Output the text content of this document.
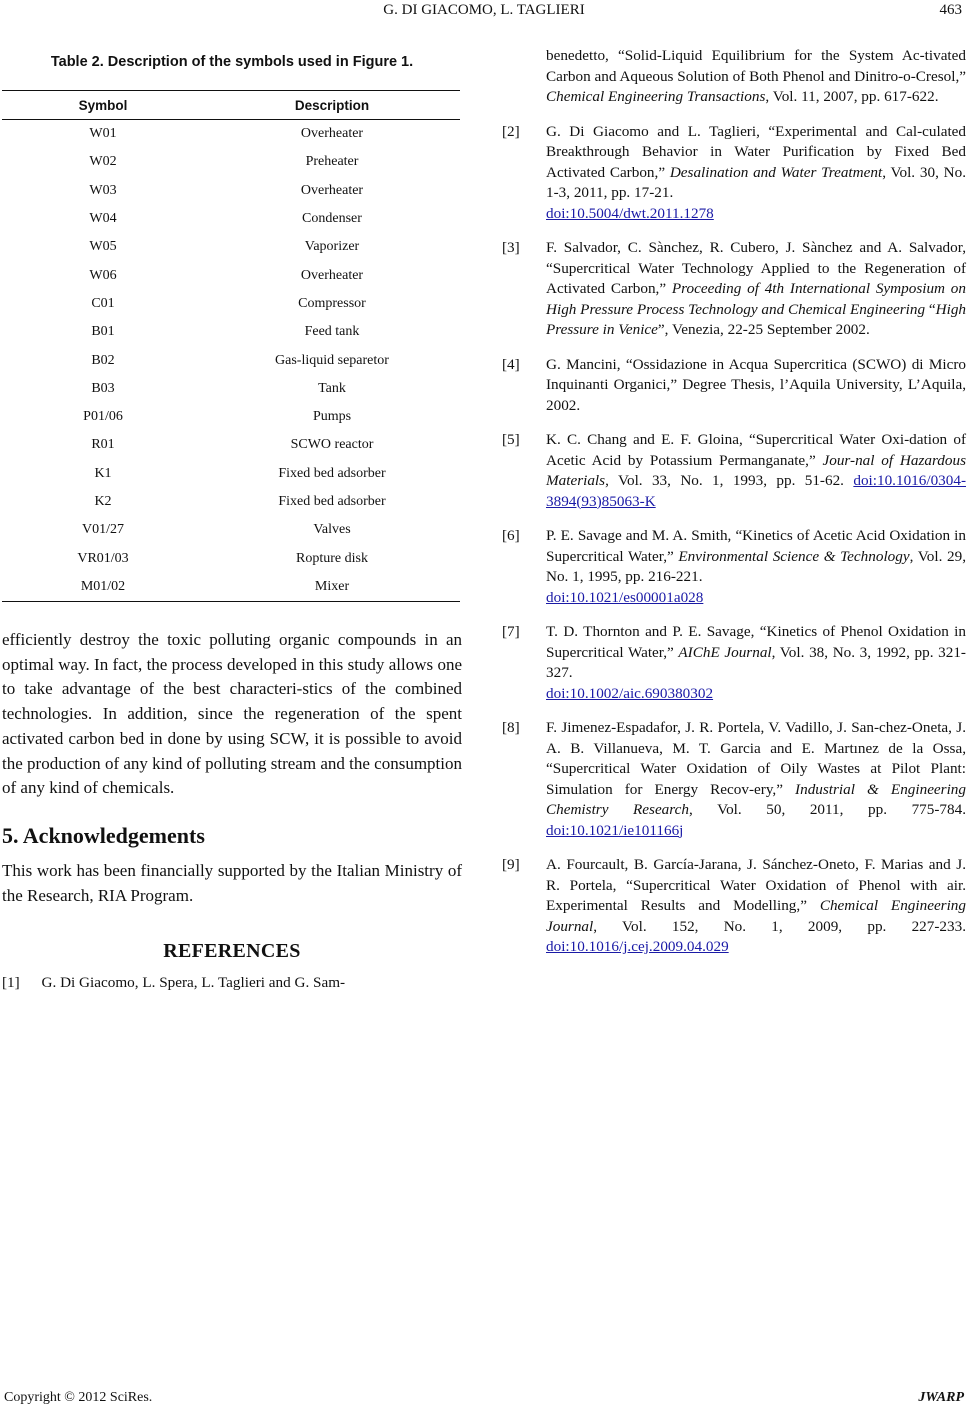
G. DI GIACOMO, L. TAGLIERI	463

Table 2. Description of the symbols used in Figure 1.

Symbol	Description
W01	Overheater
W02	Preheater
W03	Overheater
W04	Condenser
W05	Vaporizer
W06	Overheater
C01	Compressor
B01	Feed tank
B02	Gas-liquid separetor
B03	Tank
P01/06	Pumps
R01	SCWO reactor
K1	Fixed bed adsorber
K2	Fixed bed adsorber
V01/27	Valves
VR01/03	Ropture disk
M01/02	Mixer

efficiently destroy the toxic polluting organic compounds in an optimal way. In fact, the process developed in this study allows one to take advantage of the best characteri-stics of the combined technologies. In addition, since the regeneration of the spent activated carbon bed in done by using SCW, it is possible to avoid the production of any kind of polluting stream and the consumption of any kind of chemicals.

5. Acknowledgements

This work has been financially supported by the Italian Ministry of the Research, RIA Program.

REFERENCES
[1] G. Di Giacomo, L. Spera, L. Taglieri and G. Sam-
benedetto, “Solid-Liquid Equilibrium for the System Ac-tivated Carbon and Aqueous Solution of Both Phenol and Dinitro-o-Cresol,” Chemical Engineering Transactions, Vol. 11, 2007, pp. 617-622.
[2] G. Di Giacomo and L. Taglieri, “Experimental and Cal-culated Breakthrough Behavior in Water Purification by Fixed Bed Activated Carbon,” Desalination and Water Treatment, Vol. 30, No. 1-3, 2011, pp. 17-21.
doi:10.5004/dwt.2011.1278
[3] F. Salvador, C. Sànchez, R. Cubero, J. Sànchez and A. Salvador, “Supercritical Water Technology Applied to the Regeneration of Activated Carbon,” Proceeding of 4th International Symposium on High Pressure Process Technology and Chemical Engineering “High Pressure in Venice”, Venezia, 22-25 September 2002.
[4] G. Mancini, “Ossidazione in Acqua Supercritica (SCWO) di Micro Inquinanti Organici,” Degree Thesis, l’Aquila University, L’Aquila, 2002.
[5] K. C. Chang and E. F. Gloina, “Supercritical Water Oxi-dation of Acetic Acid by Potassium Permanganate,” Jour-nal of Hazardous Materials, Vol. 33, No. 1, 1993, pp. 51-62. doi:10.1016/0304-3894(93)85063-K
[6] P. E. Savage and M. A. Smith, “Kinetics of Acetic Acid Oxidation in Supercritical Water,” Environmental Science & Technology, Vol. 29, No. 1, 1995, pp. 216-221.
doi:10.1021/es00001a028
[7] T. D. Thornton and P. E. Savage, “Kinetics of Phenol Oxidation in Supercritical Water,” AIChE Journal, Vol. 38, No. 3, 1992, pp. 321-327.
doi:10.1002/aic.690380302
[8] F. Jimenez-Espadafor, J. R. Portela, V. Vadillo, J. San-chez-Oneta, J. A. B. Villanueva, M. T. Garcia and E. Martınez de la Ossa, “Supercritical Water Oxidation of Oily Wastes at Pilot Plant: Simulation for Energy Recov-ery,” Industrial & Engineering Chemistry Research, Vol. 50, 2011, pp. 775-784. doi:10.1021/ie101166j
[9] A. Fourcault, B. García-Jarana, J. Sánchez-Oneto, F. Marias and J. R. Portela, “Supercritical Water Oxidation of Phenol with air. Experimental Results and Modelling,” Chemical Engineering Journal, Vol. 152, No. 1, 2009, pp. 227-233. doi:10.1016/j.cej.2009.04.029
Copyright © 2012 SciRes.	JWARP
